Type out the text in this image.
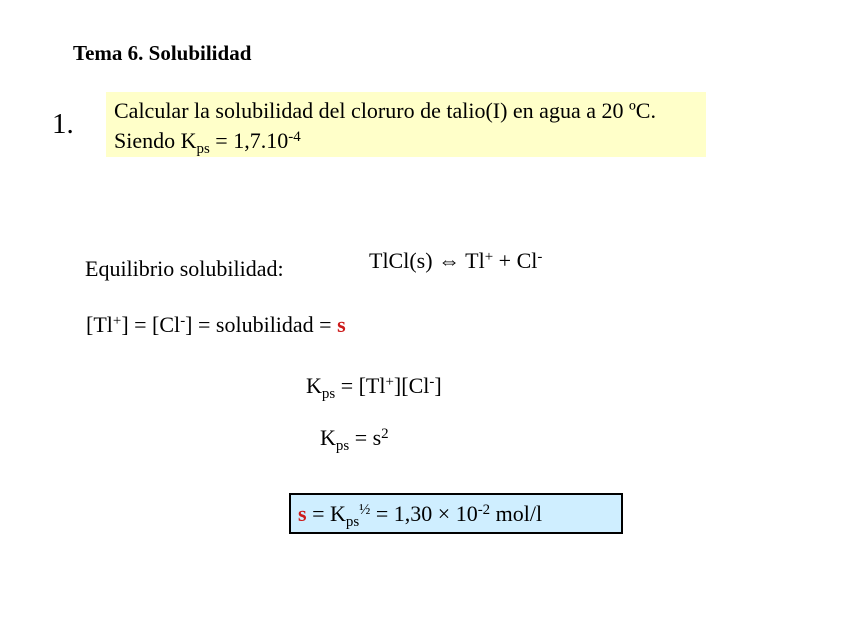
Tema 6. Solubilidad
1. Calcular la solubilidad del cloruro de talio(I) en agua a 20 ºC.
Siendo $K_{ps} = 1,7.10^{-4}$
Equilibrio solubilidad:	TlCl(s) ⇔ Tl+ + Cl-
[Tl+] = [Cl-] = solubilidad = s
$K_{ps} = [Tl^+][Cl^-]$
$K_{ps} = s^2$
$s = K_{ps}^{\frac{1}{2}} = 1,30 \times 10^{-2}$ mol/l
